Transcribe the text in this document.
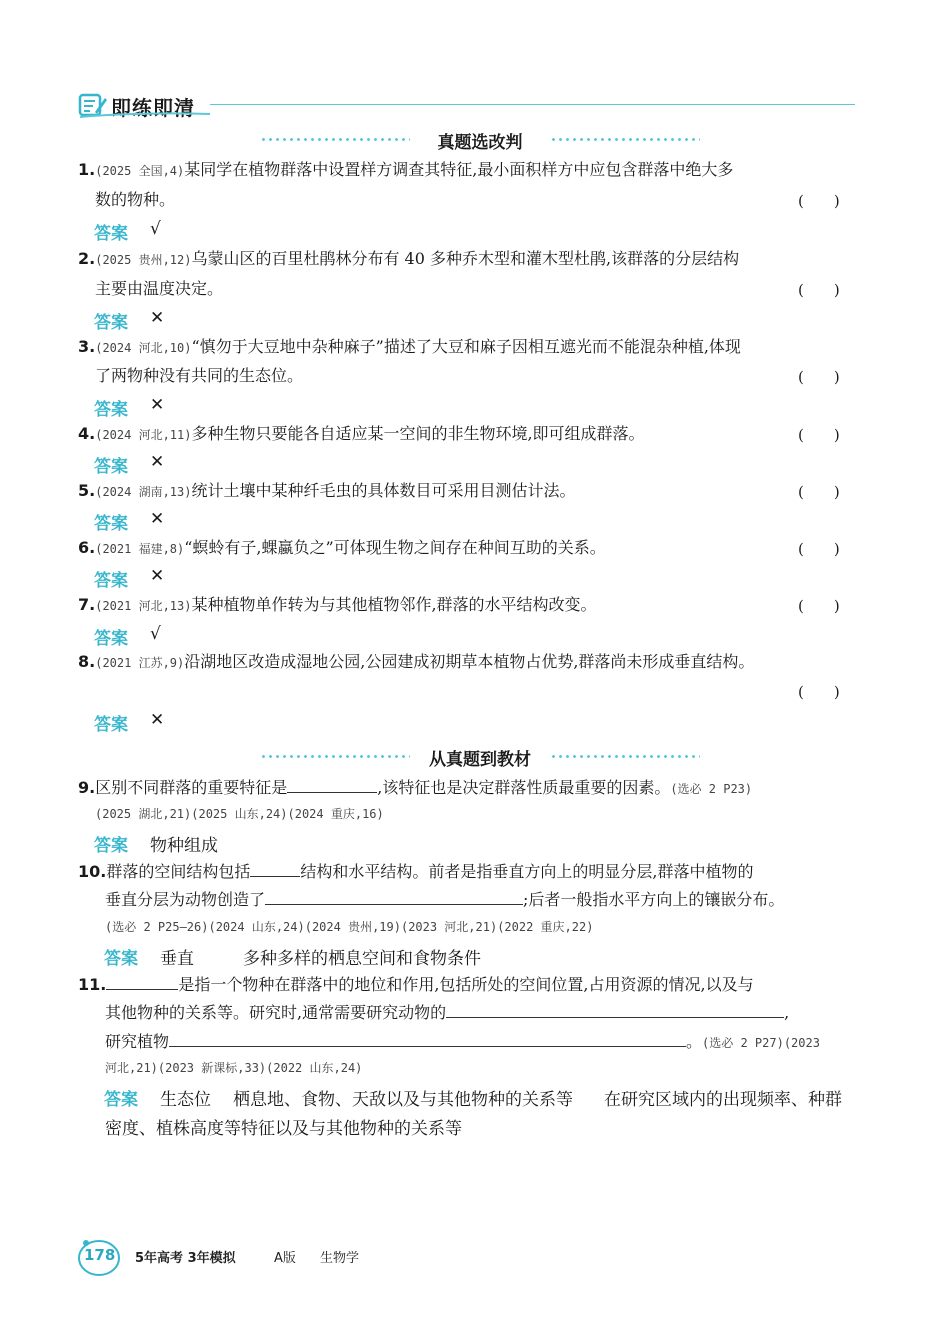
即练即清
真题选改判
1.(2025 全国,4)某同学在植物群落中设置样方调查其特征,最小面积样方中应包含群落中绝大多
数的物种。	(　　)
答案 √
2.(2025 贵州,12)乌蒙山区的百里杜鹃林分布有 40 多种乔木型和灌木型杜鹃,该群落的分层结构
主要由温度决定。	(　　)
答案 ✕
3.(2024 河北,10)“慎勿于大豆地中杂种麻子”描述了大豆和麻子因相互遮光而不能混杂种植,体现
了两物种没有共同的生态位。	(　　)
答案 ✕
4.(2024 河北,11)多种生物只要能各自适应某一空间的非生物环境,即可组成群落。	(　　)
答案 ✕
5.(2024 湖南,13)统计土壤中某种纤毛虫的具体数目可采用目测估计法。	(　　)
答案 ✕
6.(2021 福建,8)“螟蛉有子,蜾蠃负之”可体现生物之间存在种间互助的关系。	(　　)
答案 ✕
7.(2021 河北,13)某种植物单作转为与其他植物邻作,群落的水平结构改变。	(　　)
答案 √
8.(2021 江苏,9)沿湖地区改造成湿地公园,公园建成初期草本植物占优势,群落尚未形成垂直结构。
(　　)
答案 ✕
从真题到教材
9.区别不同群落的重要特征是	,该特征也是决定群落性质最重要的因素。(选必 2 P23)
(2025 湖北,21)(2025 山东,24)(2024 重庆,16)
答案 物种组成
10.群落的空间结构包括	结构和水平结构。前者是指垂直方向上的明显分层,群落中植物的
垂直分层为动物创造了	;后者一般指水平方向上的镶嵌分布。
(选必 2 P25—26)(2024 山东,24)(2024 贵州,19)(2023 河北,21)(2022 重庆,22)
答案 垂直	多种多样的栖息空间和食物条件
11.	是指一个物种在群落中的地位和作用,包括所处的空间位置,占用资源的情况,以及与
其他物种的关系等。研究时,通常需要研究动物的	,
研究植物	。(选必 2 P27)(2023
河北,21)(2023 新课标,33)(2022 山东,24)
答案 生态位 栖息地、食物、天敌以及与其他物种的关系等 在研究区域内的出现频率、种群
密度、植株高度等特征以及与其他物种的关系等
178 5年高考 3年模拟	A版 生物学
